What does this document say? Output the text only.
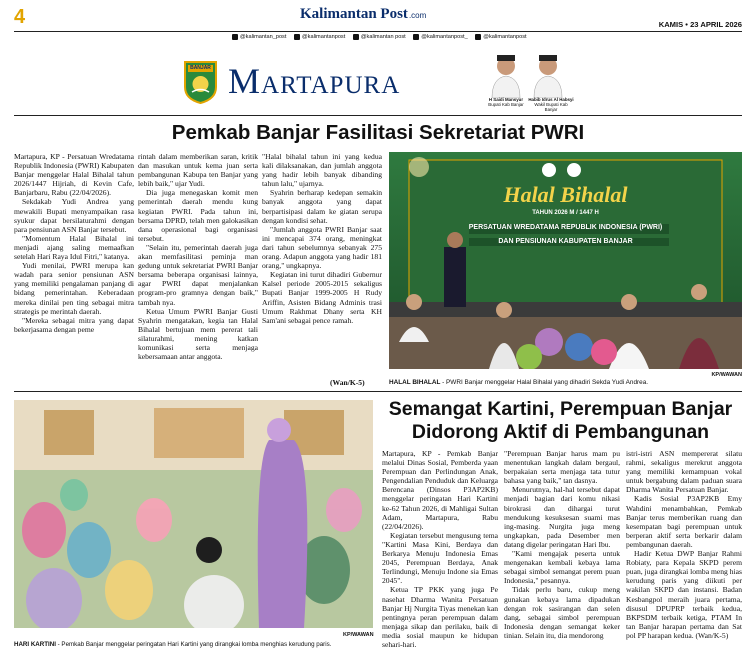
4	Kalimantan Post .com
KAMIS • 23 APRIL 2026
@kalimantan_post
	@kalimantanpost
	@kalimantan post
	@kalimantanpost_
	@kalimantanpost
BANJAR Martapura	H Saidi Mansyur
Bupati Kab Banjar
Habib Idrus Al Habsyi
Wakil Bupati Kab Banjar
Pemkab Banjar Fasilitasi Sekretariat PWRI

Martapura, KP - Persatuan Wredatama Republik Indonesia (PWRI) Kabupaten Banjar menggelar Halal Bihalal tahun 2026/1447 Hijriah, di Kevin Cafe, Banjarbaru, Rabu (22/04/2026).

Sekdakab Yudi Andrea yang mewakili Bupati menyampaikan rasa syukur dapat bersilaturahmi dengan para pensiunan ASN Banjar tersebut.

"Momentum Halal Bihalal ini menjadi ajang saling memaafkan setelah Hari Raya Idul Fitri," katanya.

Yudi menilai, PWRI merupa kan wadah para senior pensiunan ASN yang memiliki pengalaman panjang di bidang pemerintahan. Keberadaan mereka dinilai pen ting sebagai mitra strategis pe merintah daerah.

"Mereka sebagai mitra yang dapat bekerjasama dengan peme

rintah dalam memberikan saran, kritik dan masukan untuk kema juan serta pembangunan Kabupa ten Banjar yang lebih baik," ujar Yudi.

Dia juga menegaskan komit men pemerintah daerah mendu kung kegiatan PWRI. Pada tahun ini, bersama DPRD, telah men galokasikan dana operasional bagi organisasi tersebut.

"Selain itu, pemerintah daerah juga akan memfasilitasi peminja man gedung untuk sekretariat PWRI Banjar bersama beberapa organisasi lainnya, agar PWRI dapat menjalankan program-pro gramnya dengan baik," tambah nya.

Ketua Umum PWRI Banjar Gusti Syahrin mengatakan, kegia tan Halal Bihalal bertujuan mem pererat tali silaturahmi, mening katkan komunikasi serta menjaga kebersamaan antar anggota.

"Halal bihalal tahun ini yang kedua kali dilaksanakan, dan jumlah anggota yang hadir lebih banyak dibanding tahun lalu," ujarnya.

Syahrin berharap kedepan semakin banyak anggota yang dapat berpartisipasi dalam ke giatan serupa dengan kondisi sehat.

"Jumlah anggota PWRI Banjar saat ini mencapai 374 orang, meningkat dari tahun sebelumnya sebanyak 275 orang. Adapun anggota yang hadir 181 orang," ungkapnya.

Kegiatan ini turut dihadiri Gubernur Kalsel periode 2005-2015 sekaligus Bupati Banjar 1999-2005 H Rudy Ariffin, Asisten Bidang Adminis trasi Umum Rakhmat Dhany serta KH Sam'ani sebagai pence ramah.

(Wan/K-5)
Halal Bihalal
TAHUN 2026 M / 1447 H
PERSATUAN WREDATAMA REPUBLIK INDONESIA (PWRI)
DAN PENSIUNAN KABUPATEN BANJAR
KP/WAWAN
HALAL BIHALAL - PWRI Banjar menggelar Halal Bihalal yang dihadiri Sekda Yudi Andrea.
KP/WAWAN
HARI KARTINI - Pemkab Banjar menggelar peringatan Hari Kartini yang dirangkai lomba menghias kerudung paris.
Semangat Kartini, Perempuan Banjar
Didorong Aktif di Pembangunan

Martapura, KP - Pemkab Banjar melalui Dinas Sosial, Pemberda yaan Perempuan dan Perlindungan Anak, Pengendalian Penduduk dan Keluarga Berencana (Dinsos P3AP2KB) menggelar peringatan Hari Kartini ke-62 Tahun 2026, di Mahligai Sultan Adam, Martapura, Rabu (22/04/2026).

Kegiatan tersebut mengusung tema "Kartini Masa Kini, Berdaya dan Berkarya Menuju Indonesia Emas 2045, Perempuan Berdaya, Anak Terlindungi, Menuju Indone sia Emas 2045".

Ketua TP PKK yang juga Pe nasehat Dharma Wanita Persatuan Banjar Hj Nurgita Tiyas menekan kan pentingnya peran perempuan dalam menjaga sikap dan perilaku, baik di media sosial maupun ke hidupan sehari-hari.

"Perempuan Banjar harus mam pu menentukan langkah dalam bergaul, berpakaian serta menjaga tata tutur bahasa yang baik," tan dasnya.

Menurutnya, hal-hal tersebut dapat menjadi bagian dari komu nikasi birokrasi dan dihargai turut mendukung kesuksesan suami mas ing-masing. Nurgita juga meng ungkapkan, pada Desember men datang digelar peringatan Hari Ibu.

"Kami mengajak peserta untuk mengenakan kembali kebaya lama sebagai simbol semangat perem puan Indonesia," pesannya.

Tidak perlu baru, cukup meng gunakan kebaya lama dipadukan dengan rok sasirangan dan selen dang, sebagai simbol perempuan Indonesia dengan semangat keker tinian. Selain itu, dia mendorong

istri-istri ASN mempererat silatu rahmi, sekaligus merekrut anggota yang memiliki kemampuan vokal untuk bergabung dalam paduan suara Dharma Wanita Persatuan Banjar.

Kadis Sosial P3AP2KB Emy Wahdini menambahkan, Pemkab Banjar terus memberikan ruang dan kesempatan bagi perempuan untuk berperan aktif serta berkarir dalam pembangunan daerah.

Hadir Ketua DWP Banjar Rahmi Robiaty, para Kepala SKPD perem puan, juga dirangkai lomba meng hias kerudung paris yang diikuti per wakilan SKPD dan instansi. Badan Kesbangpol meraih juara pertama, disusul DPUPRP terbaik kedua, BKPSDM terbaik ketiga, PTAM In tan Banjar harapan pertama dan Sat pol PP harapan kedua. (Wan/K-5)
